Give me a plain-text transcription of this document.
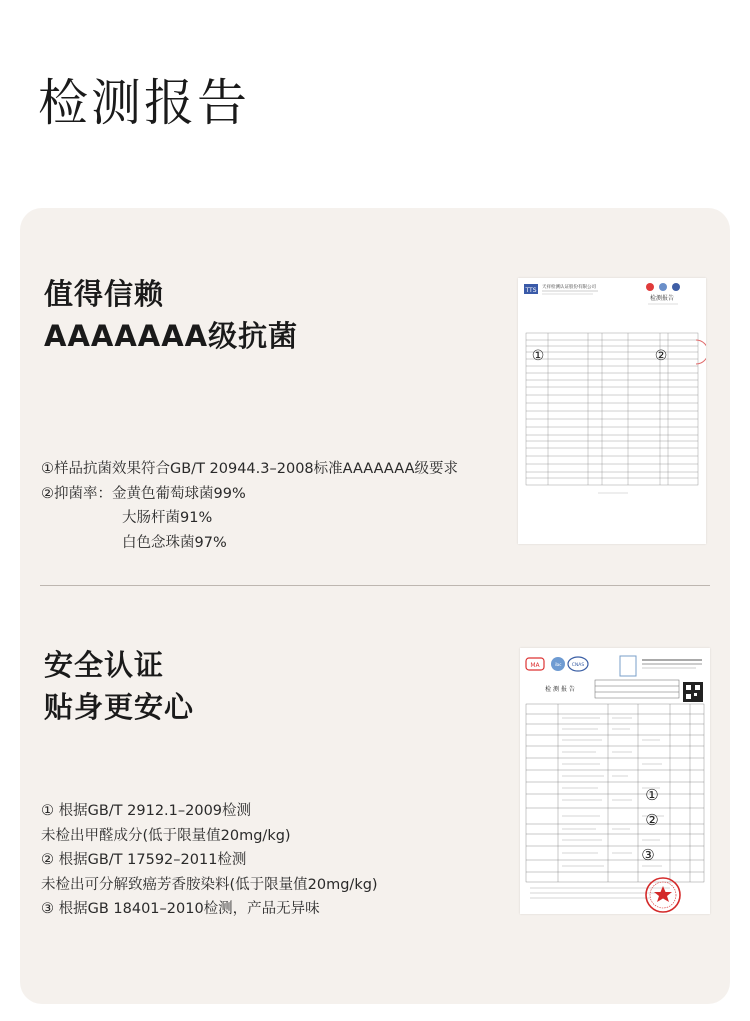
检测报告
值得信赖
AAAAAAA级抗菌
①样品抗菌效果符合GB/T 20944.3–2008标准AAAAAAA级要求
②抑菌率：金黄色葡萄球菌99%
大肠杆菌91%
白色念珠菌97%
TTS 天祥检测认证股份有限公司
检测报告
①	②
安全认证
贴身更安心
① 根据GB/T 2912.1–2009检测
未检出甲醛成分(低于限量值20mg/kg)
② 根据GB/T 17592–2011检测
未检出可分解致癌芳香胺染料(低于限量值20mg/kg)
③ 根据GB 18401–2010检测，产品无异味
MA	ilac CNAS
检 测 报 告
①
②
③
